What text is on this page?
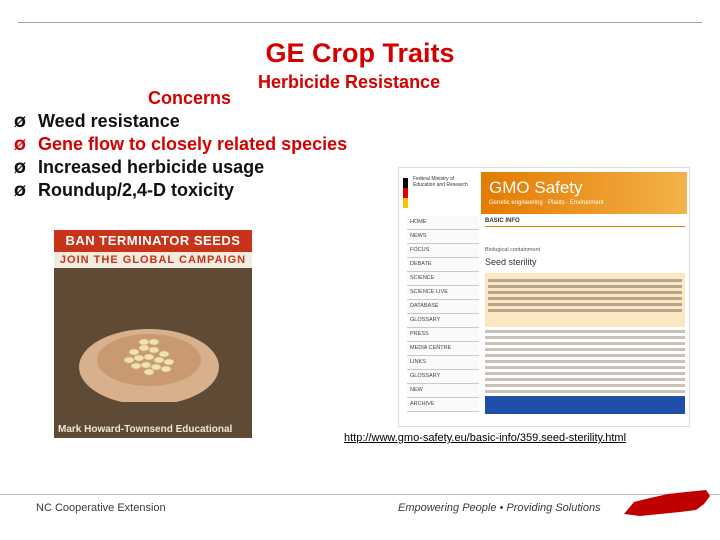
GE Crop Traits
Herbicide Resistance
Concerns
Ø Weed resistance
Ø Gene flow to closely related species
Ø Increased herbicide usage
Ø Roundup/2,4-D toxicity
BAN TERMINATOR SEEDS
JOIN THE GLOBAL CAMPAIGN
Mark Howard-Townsend Educational
Federal Ministry of Education and Research	GMO Safety
Genetic engineering · Plants · Environment
HOME
NEWS
FOCUS
DEBATE
SCIENCE
SCIENCE LIVE
DATABASE
GLOSSARY
PRESS
MEDIA CENTRE
LINKS
GLOSSARY
NEW
ARCHIVE
BASIC INFO
Biological containment
Seed sterility
http://www.gmo-safety.eu/basic-info/359.seed-sterility.html
NC Cooperative Extension	Empowering People • Providing Solutions
